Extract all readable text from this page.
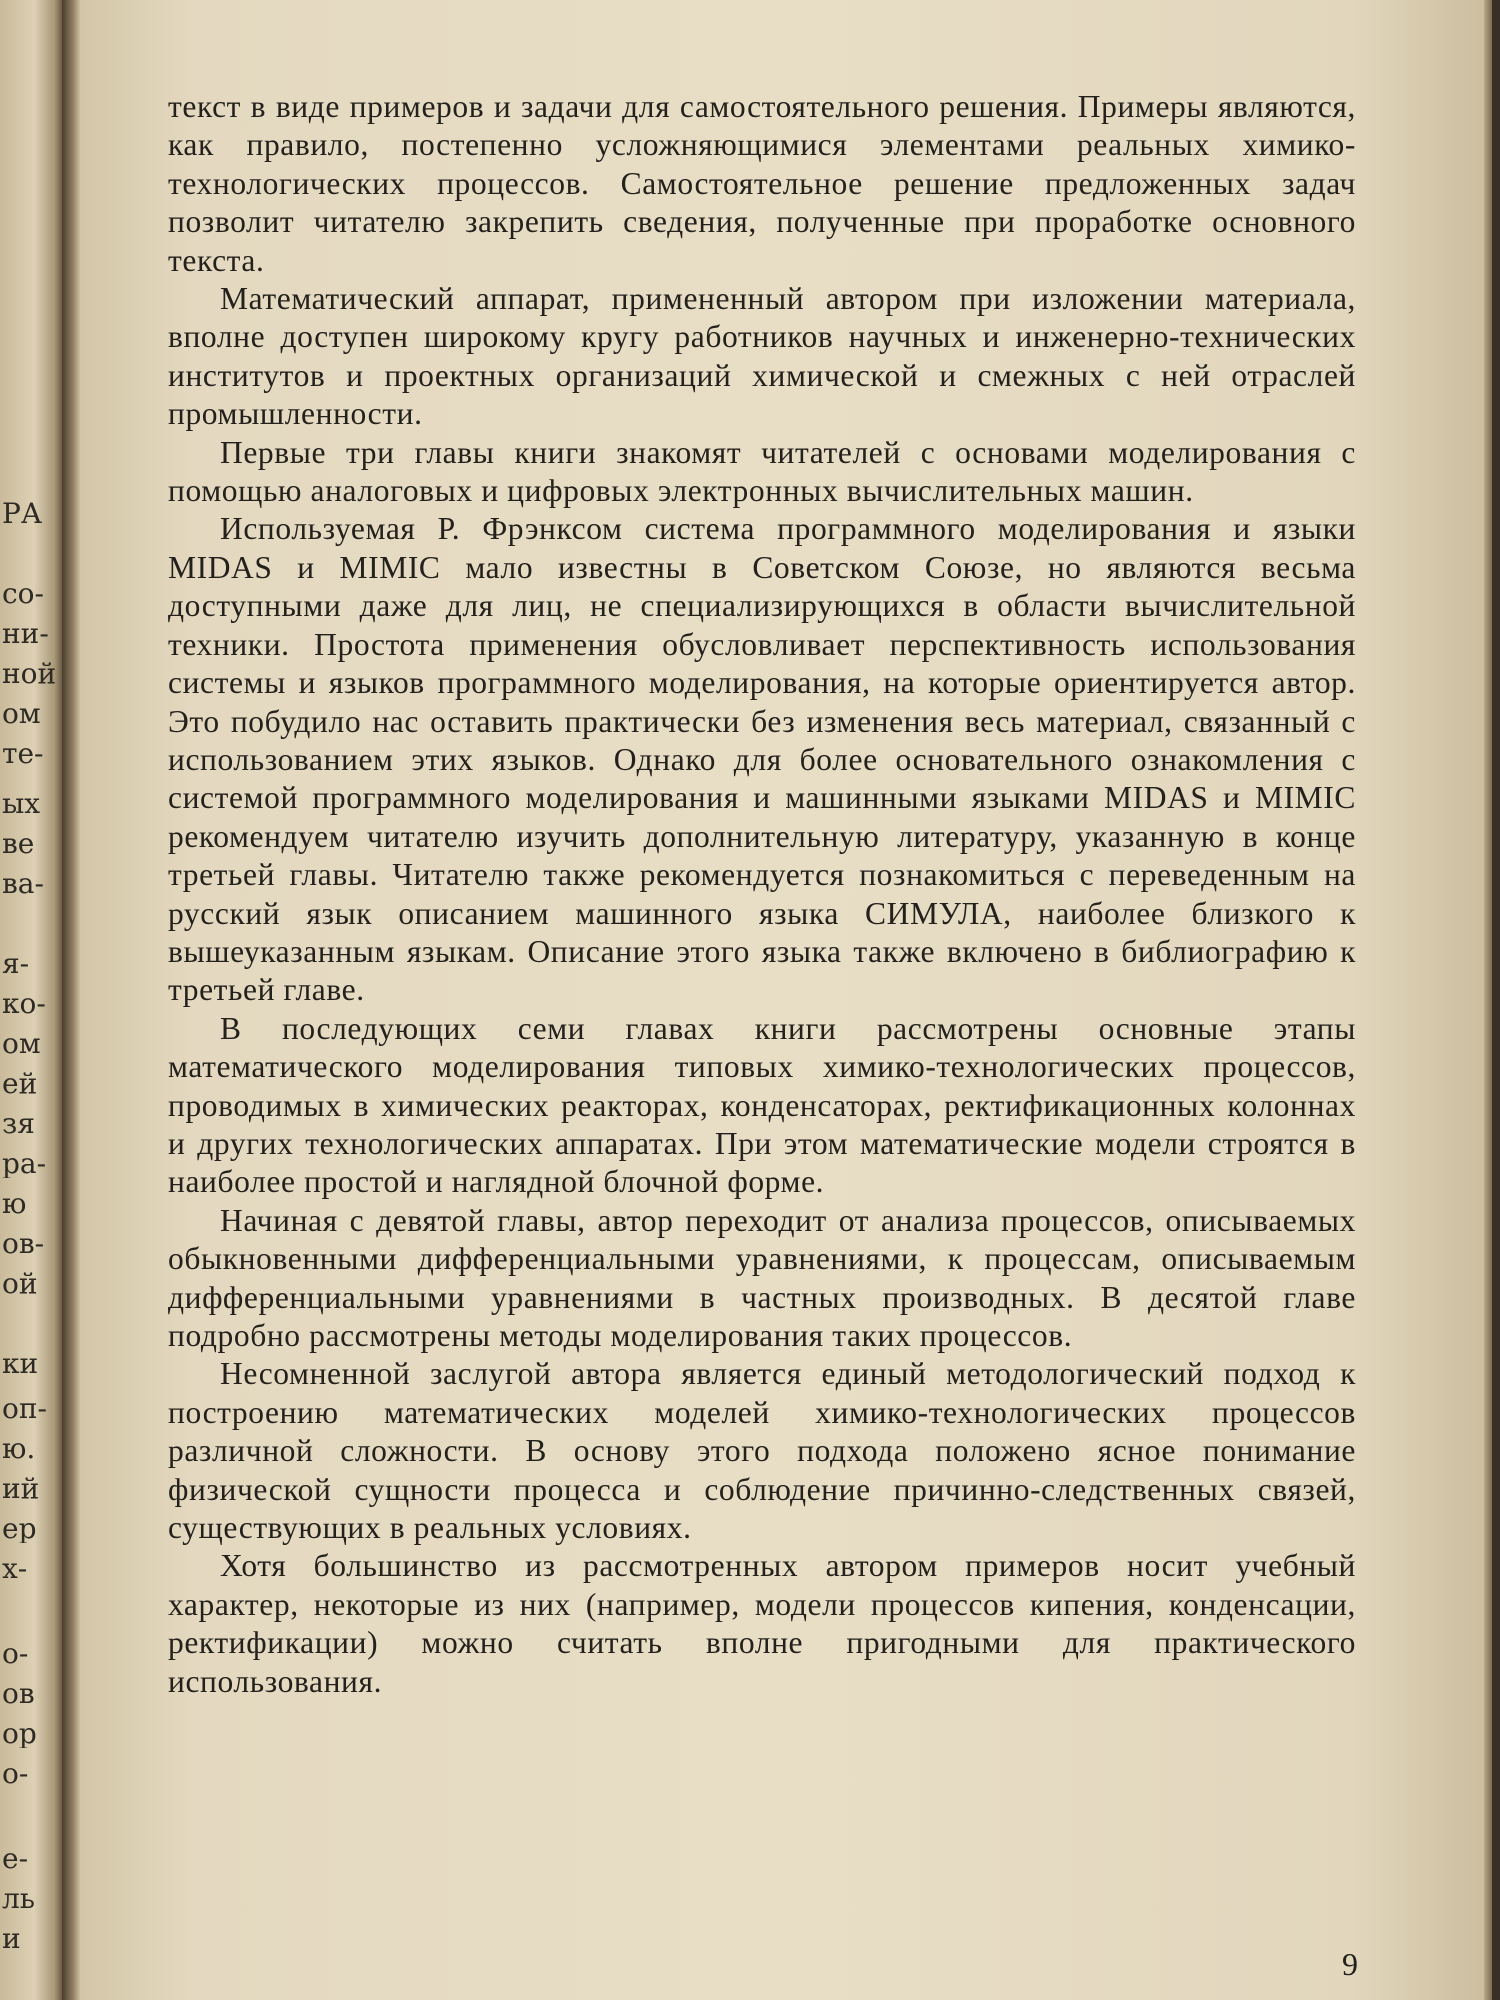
РА
со-
ни-
ной
ом
те-
ых
ве
ва-
я-
ко-
ом
ей
зя
ра-
ю
ов-
ой
ки
оп-
ю.
ий
ер
х-
о-
ов
ор
о-
е-
ль
и

текст в виде примеров и задачи для самостоятельного решения. Примеры являются, как правило, постепенно усложняющимися элементами реальных химико-технологических процессов. Самостоятельное решение предложенных задач позволит читателю закрепить сведения, полученные при проработке основного текста.

Математический аппарат, примененный автором при изложении материала, вполне доступен широкому кругу работников научных и инженерно-технических институтов и проектных организаций химической и смежных с ней отраслей промышленности.

Первые три главы книги знакомят читателей с основами моделирования с помощью аналоговых и цифровых электронных вычислительных машин.

Используемая Р. Фрэнксом система программного моделирования и языки MIDAS и MIMIC мало известны в Советском Союзе, но являются весьма доступными даже для лиц, не специализирующихся в области вычислительной техники. Простота применения обусловливает перспективность использования системы и языков программного моделирования, на которые ориентируется автор. Это побудило нас оставить практически без изменения весь материал, связанный с использованием этих языков. Однако для более основательного ознакомления с системой программного моделирования и машинными языками MIDAS и MIMIC рекомендуем читателю изучить дополнительную литературу, указанную в конце третьей главы. Читателю также рекомендуется познакомиться с переведенным на русский язык описанием машинного языка СИМУЛА, наиболее близкого к вышеуказанным языкам. Описание этого языка также включено в библиографию к третьей главе.

В последующих семи главах книги рассмотрены основные этапы математического моделирования типовых химико-технологических процессов, проводимых в химических реакторах, конденсаторах, ректификационных колоннах и других технологических аппаратах. При этом математические модели строятся в наиболее простой и наглядной блочной форме.

Начиная с девятой главы, автор переходит от анализа процессов, описываемых обыкновенными дифференциальными уравнениями, к процессам, описываемым дифференциальными уравнениями в частных производных. В десятой главе подробно рассмотрены методы моделирования таких процессов.

Несомненной заслугой автора является единый методологический подход к построению математических моделей химико-технологических процессов различной сложности. В основу этого подхода положено ясное понимание физической сущности процесса и соблюдение причинно-следственных связей, существующих в реальных условиях.

Хотя большинство из рассмотренных автором примеров носит учебный характер, некоторые из них (например, модели процессов кипения, конденсации, ректификации) можно считать вполне пригодными для практического использования.

9
